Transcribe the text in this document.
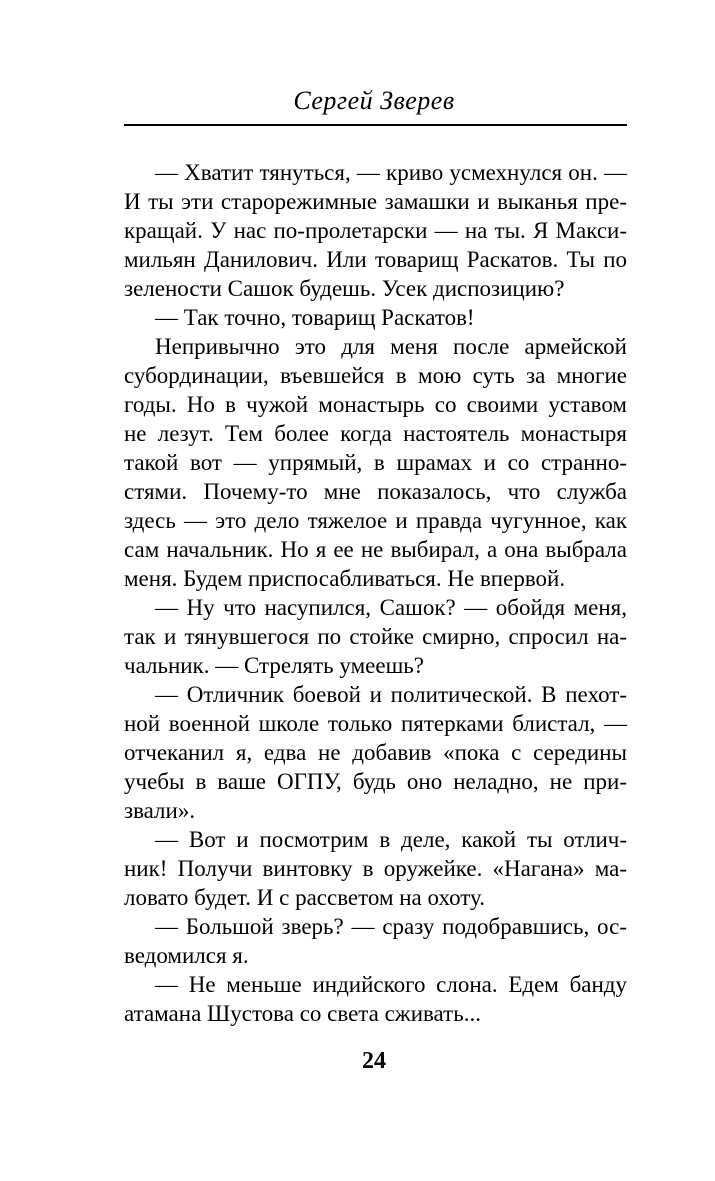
Сергей Зверев
— Хватит тянуться, — криво усмехнулся он. —
И ты эти старорежимные замашки и выканья пре-
кращай. У нас по-пролетарски — на ты. Я Макси-
мильян Данилович. Или товарищ Раскатов. Ты по
зелености Сашок будешь. Усек диспозицию?
— Так точно, товарищ Раскатов!
Непривычно это для меня после армейской
субординации, въевшейся в мою суть за многие
годы. Но в чужой монастырь со своими уставом
не лезут. Тем более когда настоятель монастыря
такой вот — упрямый, в шрамах и со странно-
стями. Почему-то мне показалось, что служба
здесь — это дело тяжелое и правда чугунное, как
сам начальник. Но я ее не выбирал, а она выбрала
меня. Будем приспосабливаться. Не впервой.
— Ну что насупился, Сашок? — обойдя меня,
так и тянувшегося по стойке смирно, спросил на-
чальник. — Стрелять умеешь?
— Отличник боевой и политической. В пехот-
ной военной школе только пятерками блистал, —
отчеканил я, едва не добавив «пока с середины
учебы в ваше ОГПУ, будь оно неладно, не при-
звали».
— Вот и посмотрим в деле, какой ты отлич-
ник! Получи винтовку в оружейке. «Нагана» ма-
ловато будет. И с рассветом на охоту.
— Большой зверь? — сразу подобравшись, ос-
ведомился я.
— Не меньше индийского слона. Едем банду
атамана Шустова со света сживать...
24
